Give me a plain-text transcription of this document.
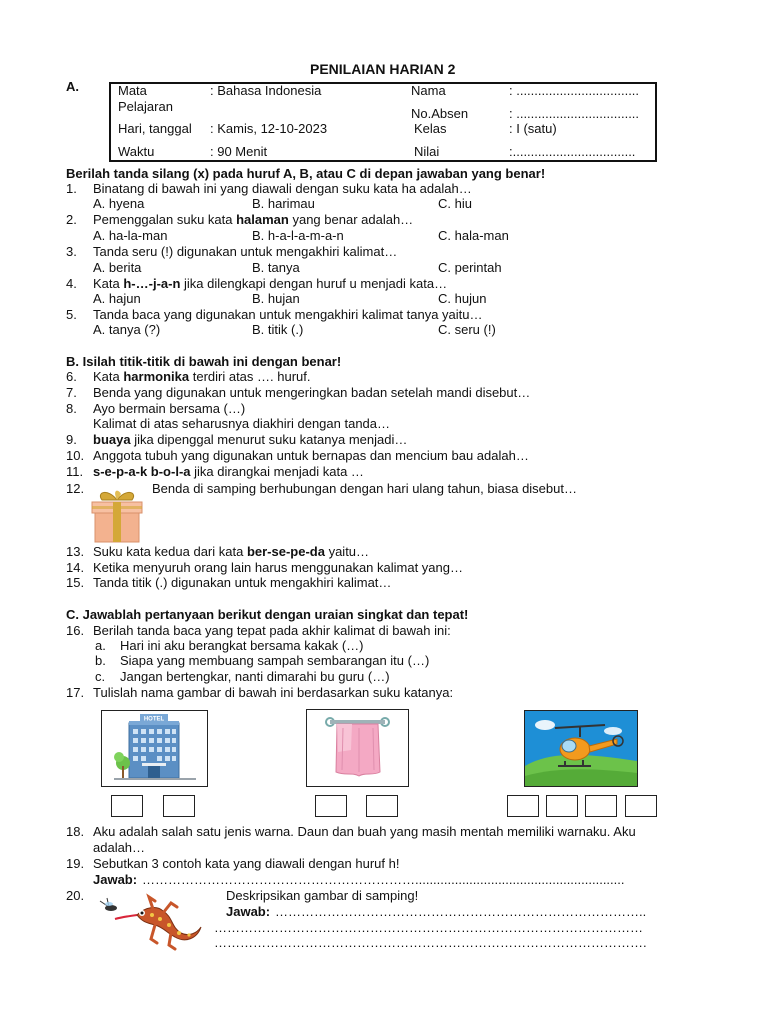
PENILAIAN HARIAN 2
A.	Mata
Pelajaran
: Bahasa Indonesia	Nama	: ..................................
No.Absen	: ..................................
Hari, tanggal : Kamis, 12-10-2023	Kelas	: I (satu)
Waktu	: 90 Menit	Nilai	:..................................
Berilah tanda silang (x) pada huruf A, B, atau C di depan jawaban yang benar!
1. Binatang di bawah ini yang diawali dengan suku kata ha adalah…
A. hyena	B. harimau	C. hiu
2. Pemenggalan suku kata halaman yang benar adalah…
A. ha-la-man	B. h-a-l-a-m-a-n	C. hala-man
3. Tanda seru (!) digunakan untuk mengakhiri kalimat…
A. berita	B. tanya	C. perintah
4. Kata h-…-j-a-n jika dilengkapi dengan huruf u menjadi kata…
A. hajun	B. hujan	C. hujun
5. Tanda baca yang digunakan untuk mengakhiri kalimat tanya yaitu…
A. tanya (?)	B. titik (.)	C. seru (!)
B. Isilah titik-titik di bawah ini dengan benar!
6. Kata harmonika terdiri atas …. huruf.
7. Benda yang digunakan untuk mengeringkan badan setelah mandi disebut…
8. Ayo bermain bersama (…)
Kalimat di atas seharusnya diakhiri dengan tanda…
9. buaya jika dipenggal menurut suku katanya menjadi…
10. Anggota tubuh yang digunakan untuk bernapas dan mencium bau adalah…
11. s-e-p-a-k b-o-l-a jika dirangkai menjadi kata …
12.	Benda di samping berhubungan dengan hari ulang tahun, biasa disebut…
13. Suku kata kedua dari kata ber-se-pe-da yaitu…
14. Ketika menyuruh orang lain harus menggunakan kalimat yang…
15. Tanda titik (.) digunakan untuk mengakhiri kalimat…
C. Jawablah pertanyaan berikut dengan uraian singkat dan tepat!
16. Berilah tanda baca yang tepat pada akhir kalimat di bawah ini:
a. Hari ini aku berangkat bersama kakak (…)
b. Siapa yang membuang sampah sembarangan itu (…)
c. Jangan bertengkar, nanti dimarahi bu guru (…)
17. Tulislah nama gambar di bawah ini berdasarkan suku katanya:
HOTEL
18. Aku adalah salah satu jenis warna. Daun dan buah yang masih mentah memiliki warnaku. Aku
adalah…
19. Sebutkan 3 contoh kata yang diawali dengan huruf h!
Jawab: ………………………………………………………..........................................................
20.	Deskripsikan gambar di samping!
Jawab: …………………………………………………………………………..
………………………………………………………………………………………
……………………………………………………………………………………….
